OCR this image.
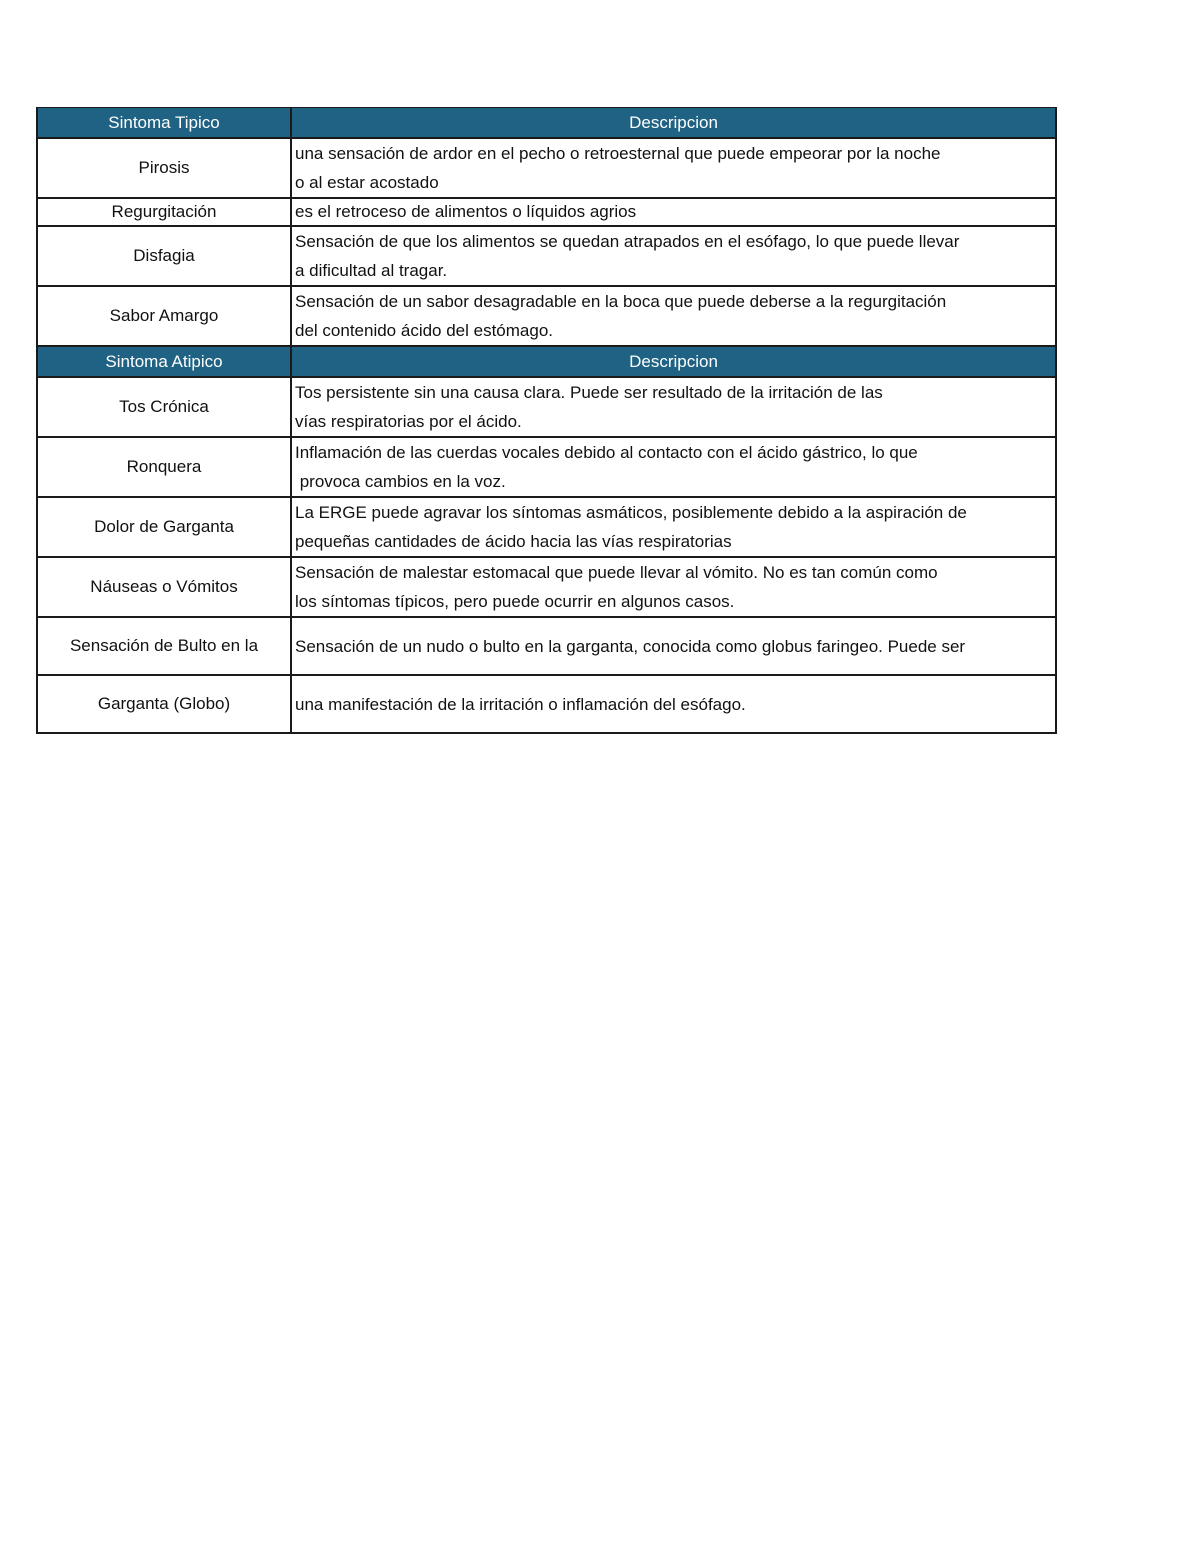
Sintoma Tipico	Descripcion
Pirosis	una sensación de ardor en el pecho o retroesternal que puede empeorar por la noche
o al estar acostado

Regurgitación	es el retroceso de alimentos o líquidos agrios

Disfagia	Sensación de que los alimentos se quedan atrapados en el esófago, lo que puede llevar
a dificultad al tragar.

Sabor Amargo	Sensación de un sabor desagradable en la boca que puede deberse a la regurgitación
del contenido ácido del estómago.

Sintoma Atipico	Descripcion
Tos Crónica	Tos persistente sin una causa clara. Puede ser resultado de la irritación de las
vías respiratorias por el ácido.

Ronquera	Inflamación de las cuerdas vocales debido al contacto con el ácido gástrico, lo que
provoca cambios en la voz.

Dolor de Garganta	La ERGE puede agravar los síntomas asmáticos, posiblemente debido a la aspiración de
pequeñas cantidades de ácido hacia las vías respiratorias

Náuseas o Vómitos	Sensación de malestar estomacal que puede llevar al vómito. No es tan común como
los síntomas típicos, pero puede ocurrir en algunos casos.

Sensación de Bulto en la	Sensación de un nudo o bulto en la garganta, conocida como globus faringeo. Puede ser
Garganta (Globo)	una manifestación de la irritación o inflamación del esófago.
